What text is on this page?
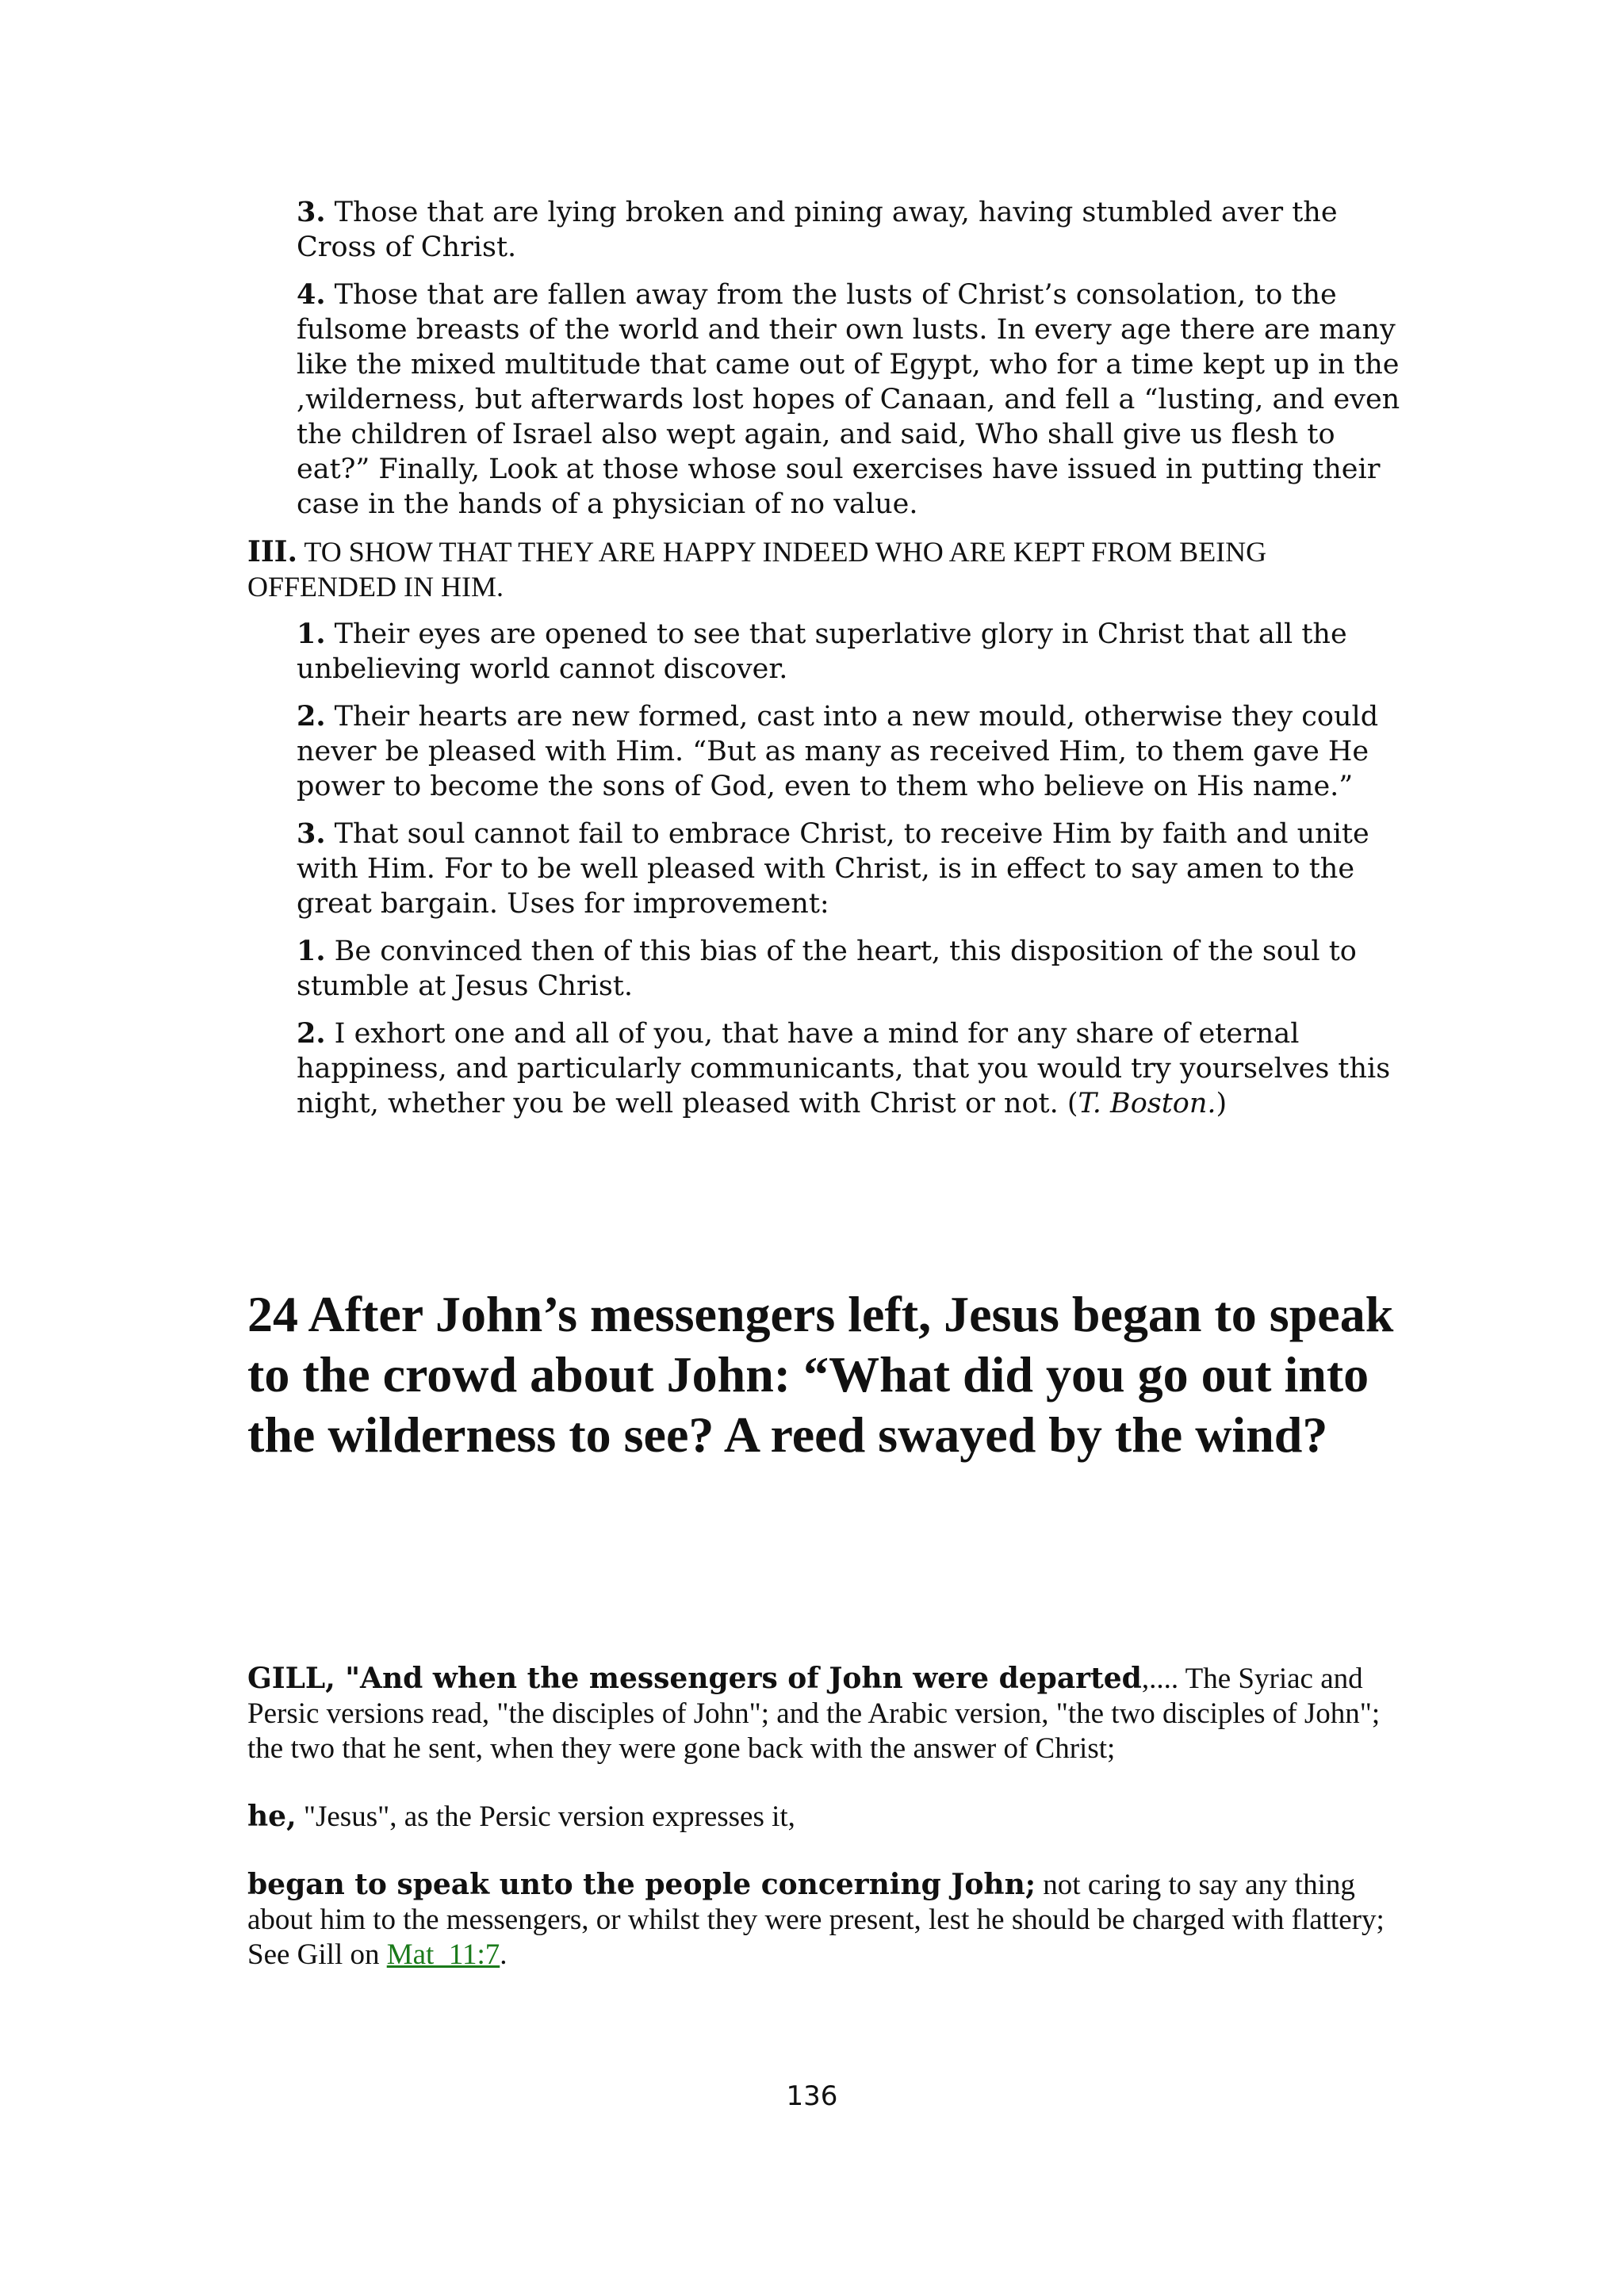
3. Those that are lying broken and pining away, having stumbled aver the Cross of Christ.

4. Those that are fallen away from the lusts of Christ’s consolation, to the fulsome breasts of the world and their own lusts. In every age there are many like the mixed multitude that came out of Egypt, who for a time kept up in the ,wilderness, but afterwards lost hopes of Canaan, and fell a “lusting, and even the children of Israel also wept again, and said, Who shall give us flesh to eat?” Finally, Look at those whose soul exercises have issued in putting their case in the hands of a physician of no value.

III. TO SHOW THAT THEY ARE HAPPY INDEED WHO ARE KEPT FROM BEING OFFENDED IN HIM.

1. Their eyes are opened to see that superlative glory in Christ that all the unbelieving world cannot discover.

2. Their hearts are new formed, cast into a new mould, otherwise they could never be pleased with Him. “But as many as received Him, to them gave He power to become the sons of God, even to them who believe on His name.”

3. That soul cannot fail to embrace Christ, to receive Him by faith and unite with Him. For to be well pleased with Christ, is in effect to say amen to the great bargain. Uses for improvement:

1. Be convinced then of this bias of the heart, this disposition of the soul to stumble at Jesus Christ.

2. I exhort one and all of you, that have a mind for any share of eternal happiness, and particularly communicants, that you would try yourselves this night, whether you be well pleased with Christ or not. (T. Boston.)

24 After John’s messengers left, Jesus began to speak to the crowd about John: “What did you go out into the wilderness to see? A reed swayed by the wind?

GILL, "And when the messengers of John were departed,.... The Syriac and Persic versions read, "the disciples of John"; and the Arabic version, "the two disciples of John"; the two that he sent, when they were gone back with the answer of Christ;

he, "Jesus", as the Persic version expresses it,

began to speak unto the people concerning John; not caring to say any thing about him to the messengers, or whilst they were present, lest he should be charged with flattery; See Gill on Mat_11:7.

136
